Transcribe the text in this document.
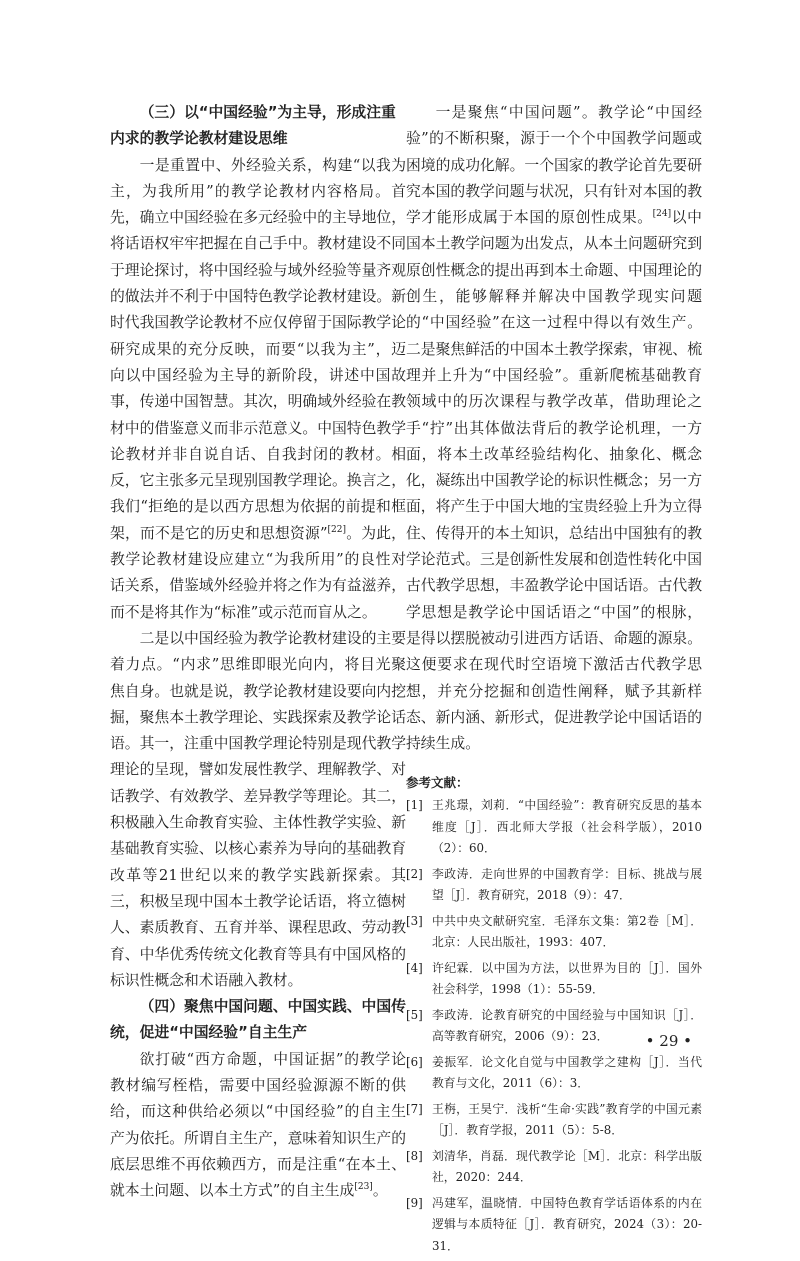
（三）以“中国经验”为主导，形成注重内求的教学论教材建设思维

一是重置中、外经验关系，构建“以我为主，为我所用”的教学论教材内容格局。首先，确立中国经验在多元经验中的主导地位，将话语权牢牢把握在自己手中。教材建设不同于理论探讨，将中国经验与域外经验等量齐观的做法并不利于中国特色教学论教材建设。新时代我国教学论教材不应仅停留于国际教学论研究成果的充分反映，而要“以我为主”，迈向以中国经验为主导的新阶段，讲述中国故事，传递中国智慧。其次，明确域外经验在教材中的借鉴意义而非示范意义。中国特色教学论教材并非自说自话、自我封闭的教材。相反，它主张多元呈现别国教学理论。换言之，我们“拒绝的是以西方思想为依据的前提和框架，而不是它的历史和思想资源”[22]。为此，教学论教材建设应建立“为我所用”的良性对话关系，借鉴域外经验并将之作为有益滋养，而不是将其作为“标准”或示范而盲从之。

二是以中国经验为教学论教材建设的主要着力点。“内求”思维即眼光向内，将目光聚焦自身。也就是说，教学论教材建设要向内挖掘，聚焦本土教学理论、实践探索及教学论话语。其一，注重中国教学理论特别是现代教学理论的呈现，譬如发展性教学、理解教学、对话教学、有效教学、差异教学等理论。其二，积极融入生命教育实验、主体性教学实验、新基础教育实验、以核心素养为导向的基础教育改革等21世纪以来的教学实践新探索。其三，积极呈现中国本土教学论话语，将立德树人、素质教育、五育并举、课程思政、劳动教育、中华优秀传统文化教育等具有中国风格的标识性概念和术语融入教材。

（四）聚焦中国问题、中国实践、中国传统，促进“中国经验”自主生产

欲打破“西方命题，中国证据”的教学论教材编写桎梏，需要中国经验源源不断的供给，而这种供给必须以“中国经验”的自主生产为依托。所谓自主生产，意味着知识生产的底层思维不再依赖西方，而是注重“在本土、就本土问题、以本土方式”的自主生成[23]。

一是聚焦“中国问题”。教学论“中国经验”的不断积聚，源于一个个中国教学问题或困境的成功化解。一个国家的教学论首先要研究本国的教学问题与状况，只有针对本国的教学才能形成属于本国的原创性成果。[24]以中国本土教学问题为出发点，从本土问题研究到原创性概念的提出再到本土命题、中国理论的创生，能够解释并解决中国教学现实问题的“中国经验”在这一过程中得以有效生产。二是聚焦鲜活的中国本土教学探索，审视、梳理并上升为“中国经验”。重新爬梳基础教育领域中的历次课程与教学改革，借助理论之手“拧”出其体做法背后的教学论机理，一方面，将本土改革经验结构化、抽象化、概念化，凝练出中国教学论的标识性概念；另一方面，将产生于中国大地的宝贵经验上升为立得住、传得开的本土知识，总结出中国独有的教学论范式。三是创新性发展和创造性转化中国古代教学思想，丰盈教学论中国话语。古代教学思想是教学论中国话语之“中国”的根脉，是得以摆脱被动引进西方话语、命题的源泉。这便要求在现代时空语境下激活古代教学思想，并充分挖掘和创造性阐释，赋予其新样态、新内涵、新形式，促进教学论中国话语的持续生成。

参考文献：
[1] 王兆璟，刘莉．“中国经验”：教育研究反思的基本维度［J］．西北师大学报（社会科学版），2010（2）：60．
[2] 李政涛．走向世界的中国教育学：目标、挑战与展望［J］．教育研究，2018（9）：47．
[3] 中共中央文献研究室．毛泽东文集：第2卷［M］．北京：人民出版社，1993：407．
[4] 许纪霖．以中国为方法，以世界为目的［J］．国外社会科学，1998（1）：55-59．
[5] 李政涛．论教育研究的中国经验与中国知识［J］．高等教育研究，2006（9）：23．
[6] 姜振军．论文化自觉与中国教学之建构［J］．当代教育与文化，2011（6）：3．
[7] 王栴，王昊宁．浅析“生命·实践”教育学的中国元素［J］．教育学报，2011（5）：5-8．
[8] 刘清华，肖磊．现代教学论［M］．北京：科学出版社，2020：244．
[9] 冯建军，温晓情．中国特色教育学话语体系的内在逻辑与本质特征［J］．教育研究，2024（3）：20-31．
• 29 •
